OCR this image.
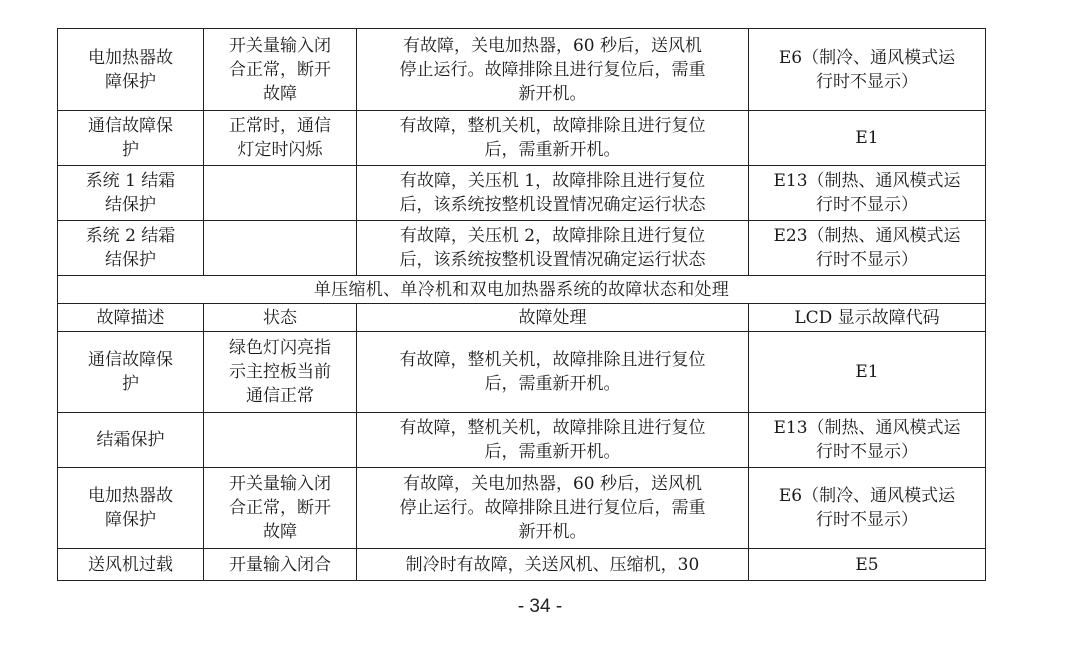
电加热器故
障保护	开关量输入闭
合正常，断开
故障	有故障，关电加热器，60 秒后，送风机
停止运行。故障排除且进行复位后，需重
新开机。	E6（制冷、通风模式运
行时不显示）
通信故障保
护	正常时，通信
灯定时闪烁	有故障，整机关机，故障排除且进行复位
后，需重新开机。	E1
系统 1 结霜
结保护		有故障，关压机 1，故障排除且进行复位
后，该系统按整机设置情况确定运行状态	E13（制热、通风模式运
行时不显示）
系统 2 结霜
结保护		有故障，关压机 2，故障排除且进行复位
后，该系统按整机设置情况确定运行状态	E23（制热、通风模式运
行时不显示）
单压缩机、单冷机和双电加热器系统的故障状态和处理			
故障描述	状态	故障处理	LCD 显示故障代码
通信故障保
护	绿色灯闪亮指
示主控板当前
通信正常	有故障，整机关机，故障排除且进行复位
后，需重新开机。	E1
结霜保护		有故障，整机关机，故障排除且进行复位
后，需重新开机。	E13（制热、通风模式运
行时不显示）
电加热器故
障保护	开关量输入闭
合正常，断开
故障	有故障，关电加热器，60 秒后，送风机
停止运行。故障排除且进行复位后，需重
新开机。	E6（制冷、通风模式运
行时不显示）
送风机过载	开量输入闭合	制冷时有故障，关送风机、压缩机，30	E5
- 34 -
